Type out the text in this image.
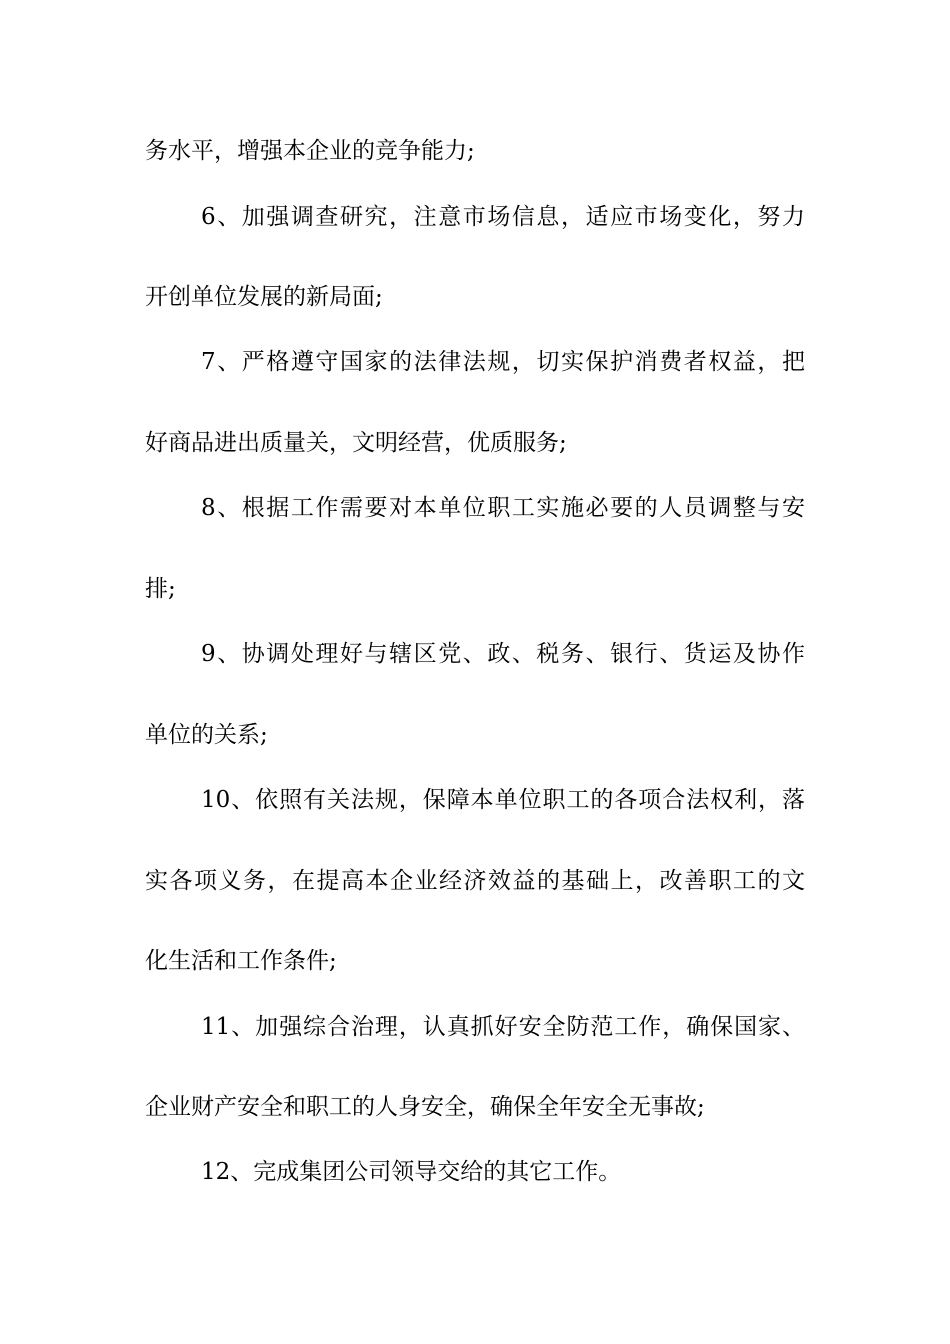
务水平，增强本企业的竞争能力;
6、加强调查研究，注意市场信息，适应市场变化，努力
开创单位发展的新局面;
7、严格遵守国家的法律法规，切实保护消费者权益，把
好商品进出质量关，文明经营，优质服务;
8、根据工作需要对本单位职工实施必要的人员调整与安
排;
9、协调处理好与辖区党、政、税务、银行、货运及协作
单位的关系;
10、依照有关法规，保障本单位职工的各项合法权利，落
实各项义务，在提高本企业经济效益的基础上，改善职工的文
化生活和工作条件;
11、加强综合治理，认真抓好安全防范工作，确保国家、
企业财产安全和职工的人身安全，确保全年安全无事故;
12、完成集团公司领导交给的其它工作。
